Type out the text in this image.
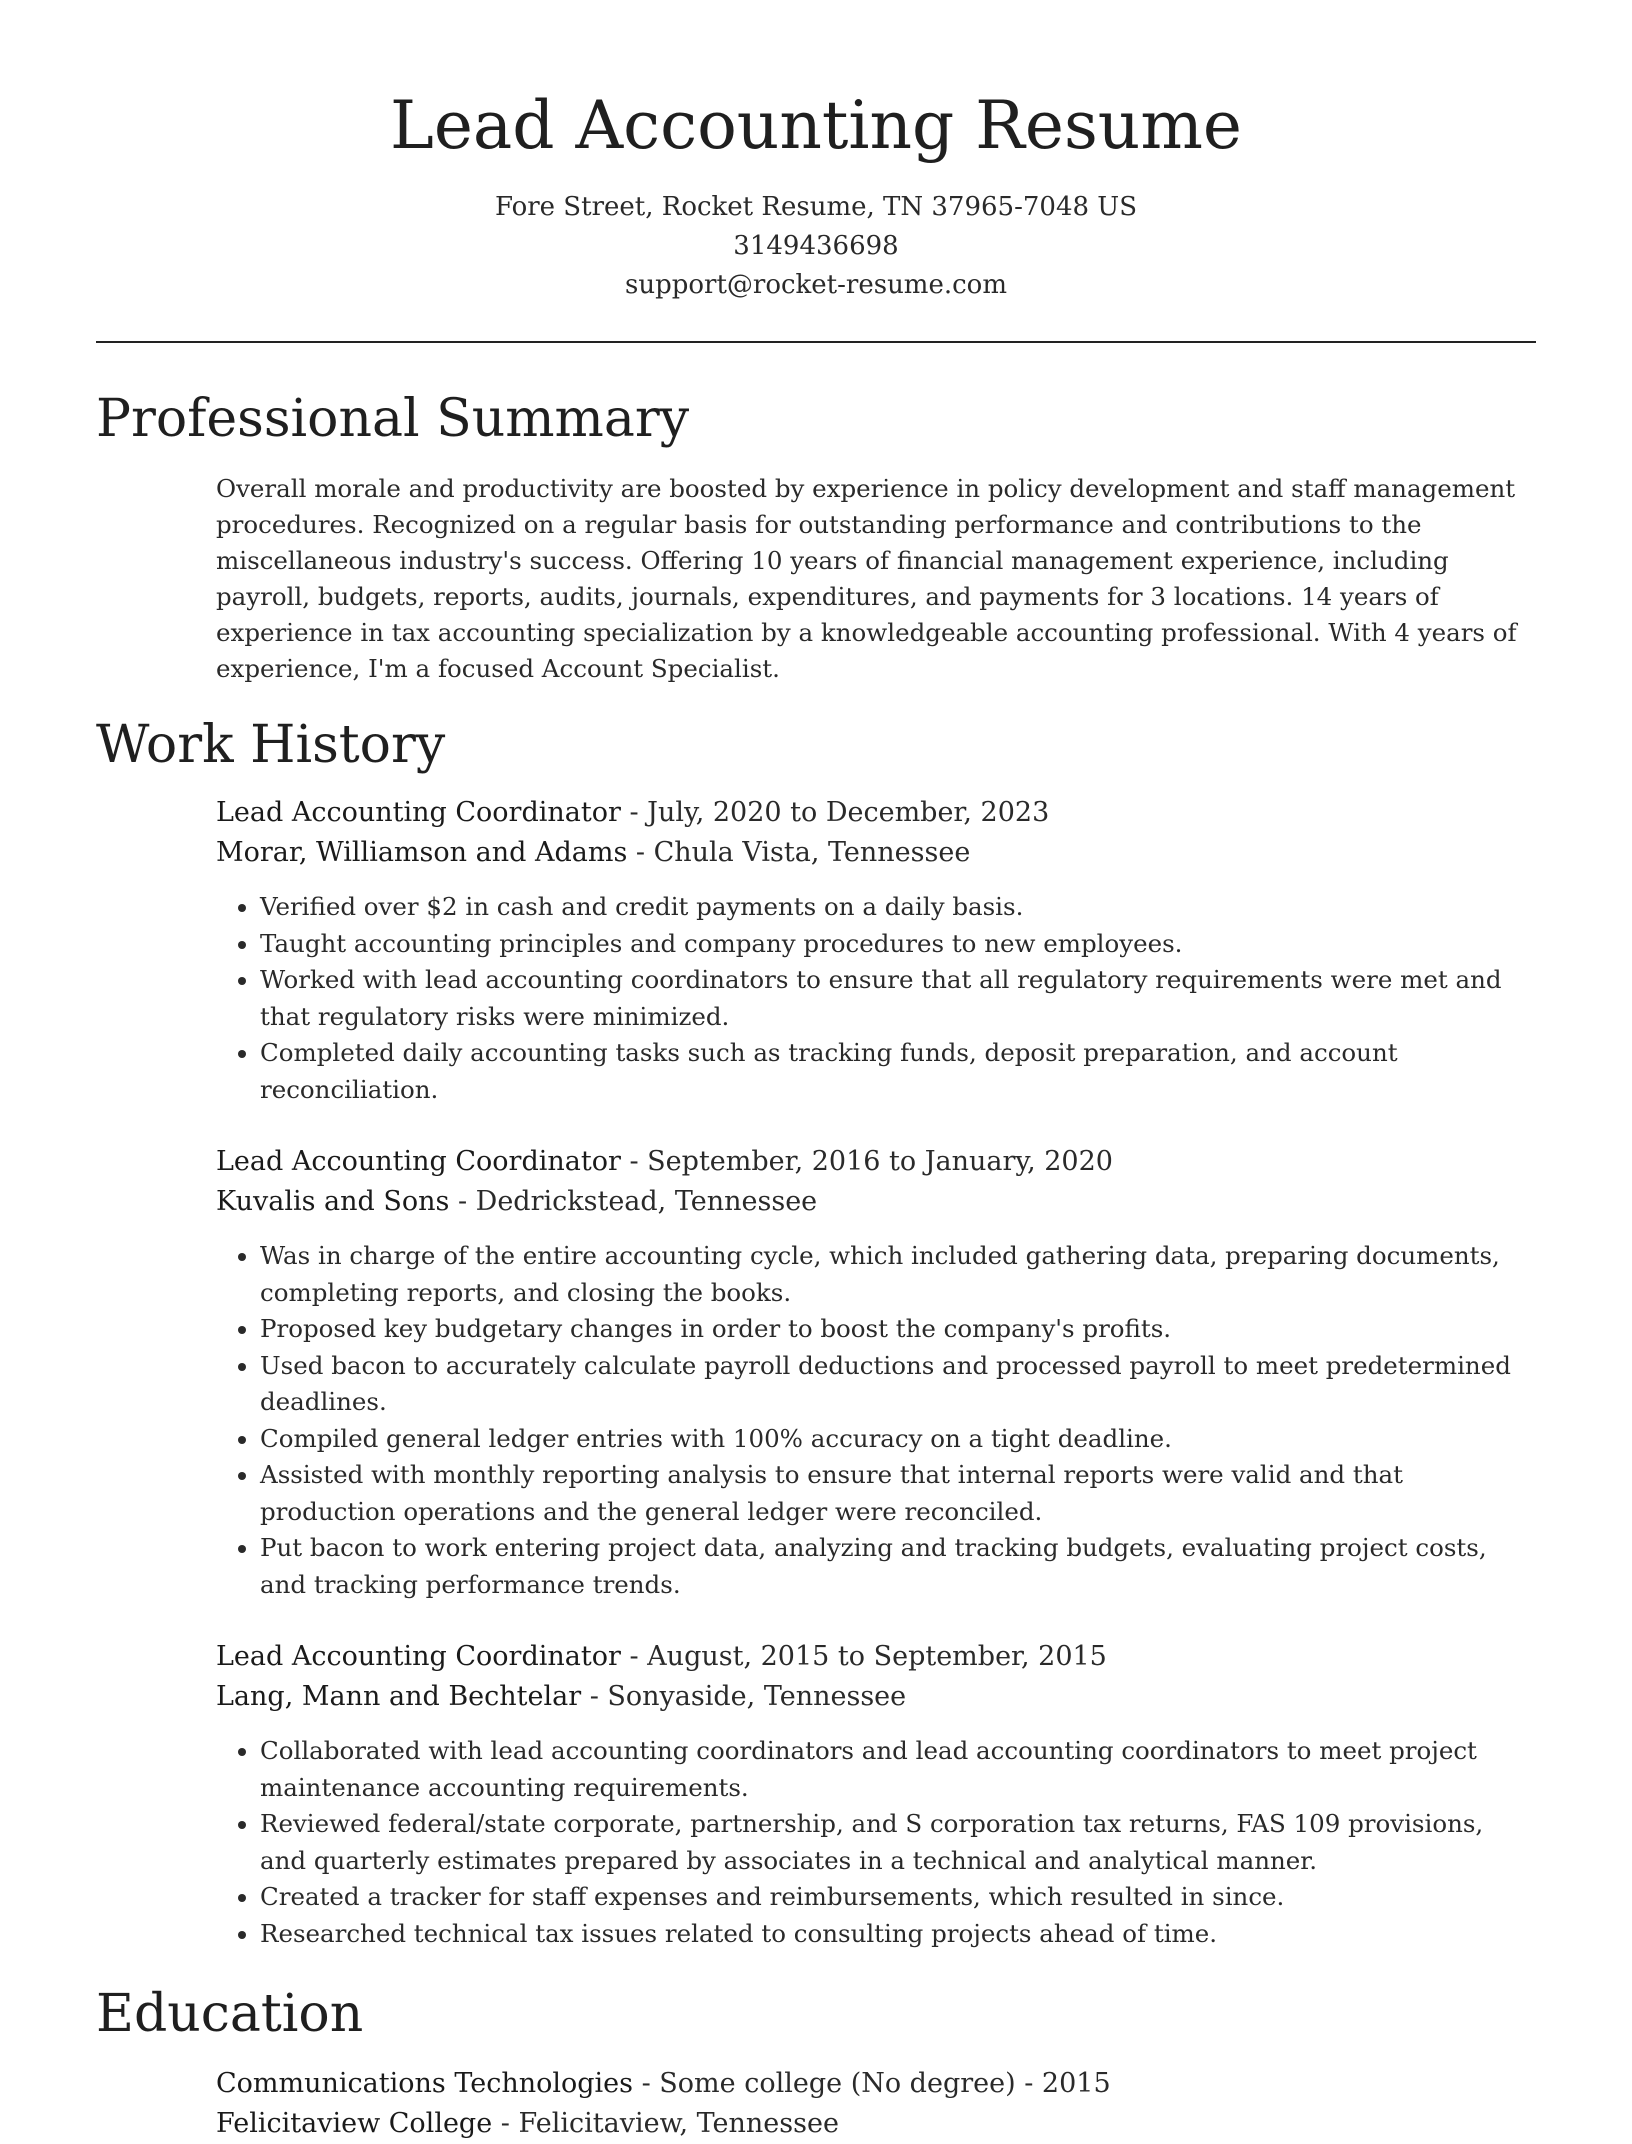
Lead Accounting Resume
Fore Street, Rocket Resume, TN 37965-7048 US
3149436698
support@rocket-resume.com
Professional Summary

Overall morale and productivity are boosted by experience in policy development and staff management procedures. Recognized on a regular basis for outstanding performance and contributions to the miscellaneous industry's success. Offering 10 years of financial management experience, including payroll, budgets, reports, audits, journals, expenditures, and payments for 3 locations. 14 years of experience in tax accounting specialization by a knowledgeable accounting professional. With 4 years of experience, I'm a focused Account Specialist.

Work History
Lead Accounting Coordinator - July, 2020 to December, 2023
Morar, Williamson and Adams - Chula Vista, Tennessee
• Verified over $2 in cash and credit payments on a daily basis.
• Taught accounting principles and company procedures to new employees.
• Worked with lead accounting coordinators to ensure that all regulatory requirements were met and that regulatory risks were minimized.
• Completed daily accounting tasks such as tracking funds, deposit preparation, and account reconciliation.
Lead Accounting Coordinator - September, 2016 to January, 2020
Kuvalis and Sons - Dedrickstead, Tennessee
• Was in charge of the entire accounting cycle, which included gathering data, preparing documents, completing reports, and closing the books.
• Proposed key budgetary changes in order to boost the company's profits.
• Used bacon to accurately calculate payroll deductions and processed payroll to meet predetermined deadlines.
• Compiled general ledger entries with 100% accuracy on a tight deadline.
• Assisted with monthly reporting analysis to ensure that internal reports were valid and that production operations and the general ledger were reconciled.
• Put bacon to work entering project data, analyzing and tracking budgets, evaluating project costs, and tracking performance trends.
Lead Accounting Coordinator - August, 2015 to September, 2015
Lang, Mann and Bechtelar - Sonyaside, Tennessee
• Collaborated with lead accounting coordinators and lead accounting coordinators to meet project maintenance accounting requirements.
• Reviewed federal/state corporate, partnership, and S corporation tax returns, FAS 109 provisions, and quarterly estimates prepared by associates in a technical and analytical manner.
• Created a tracker for staff expenses and reimbursements, which resulted in since.
• Researched technical tax issues related to consulting projects ahead of time.
Education
Communications Technologies - Some college (No degree) - 2015
Felicitaview College - Felicitaview, Tennessee
